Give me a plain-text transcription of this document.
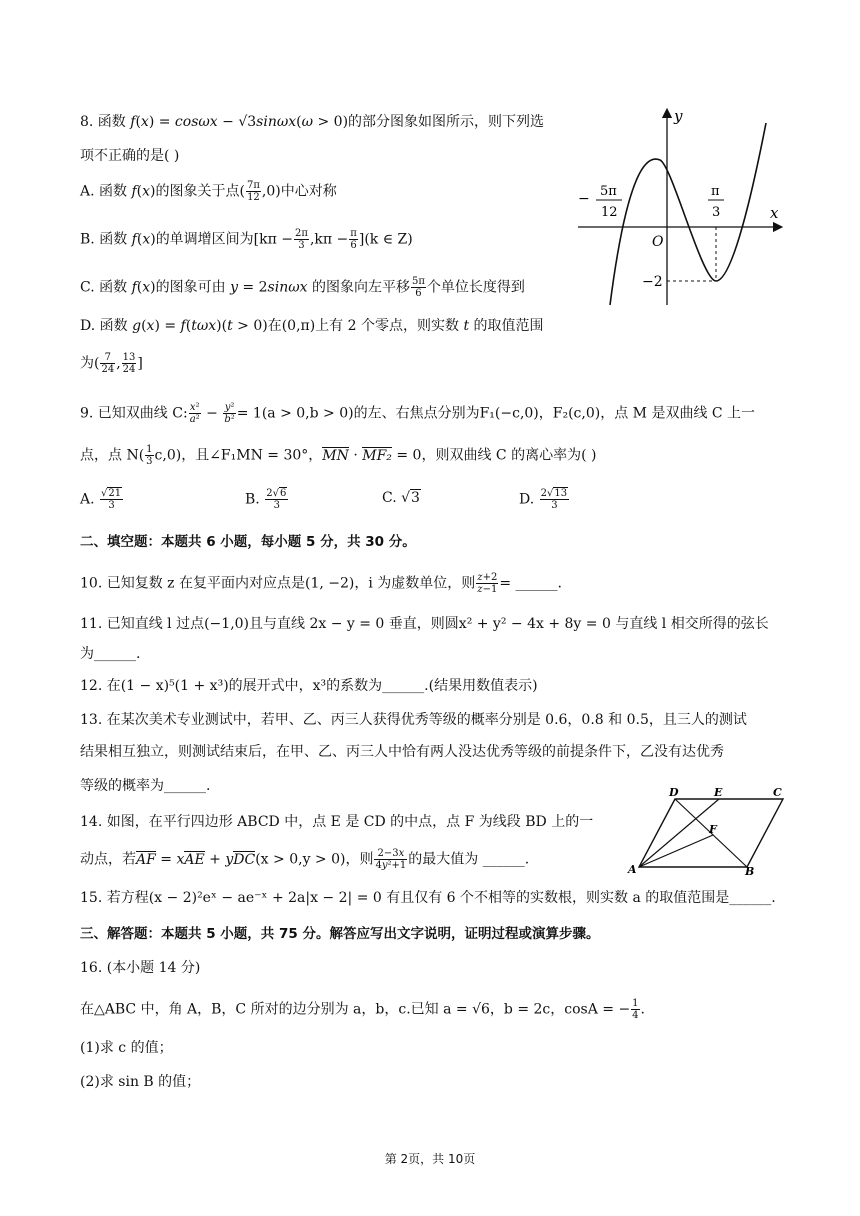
8. 函数 f(x) = cosωx − √3sinωx(ω > 0)的部分图象如图所示，则下列选
项不正确的是( )
A. 函数 f(x)的图象关于点( $\frac{7\pi}{12} ,0$)中心对称
B. 函数 f(x)的单调增区间为$[k\pi - \frac{2\pi}{3} ,k\pi - \frac{\pi}{6} ](k$ ∈ Z)
C. 函数 f(x)的图象可由 y = 2sinωx 的图象向左平移 $\frac{5\pi}{6}$ 个单位长度得到
D. 函数 g(x) = f(tωx)(t > 0)在(0,π)上有 2 个零点，则实数 t 的取值范围
为( $\frac{7}{24}$ , $\frac{13}{24}$ ]
y
x
O
− 5π
12
π
3
−2
9. 已知双曲线 C: $\frac{\text{x²}}{\text{a²}} - \frac{\text{y²}}{\text{b²}} = 1(a > 0,b > 0)$的左、右焦点分别为F₁(−c,0)，F₂(c,0)，点 M 是双曲线 C 上一
点，点 $N( \frac{1}{3} c,0)$，且∠F₁MN = 30°，MN · MF₂ = 0，则双曲线 C 的离心率为( )
A. $\frac{√21}{3}$	B. $\frac{2√6}{3}$	C. √3	D. $\frac{2√13}{3}$
二、填空题：本题共 6 小题，每小题 5 分，共 30 分。
10. 已知复数 z 在复平面内对应点是(1, −2)，i 为虚数单位，则 $\frac{z+2}{z-1}$ = ______.
11. 已知直线 l 过点(−1,0)且与直线 2x − y = 0 垂直，则圆x² + y² − 4x + 8y = 0 与直线 l 相交所得的弦长
为______.
12. 在(1 − x)⁵(1 + x³)的展开式中，x³的系数为______.(结果用数值表示)
13. 在某次美术专业测试中，若甲、乙、丙三人获得优秀等级的概率分别是 0.6，0.8 和 0.5，且三人的测试
结果相互独立，则测试结束后，在甲、乙、丙三人中恰有两人没达优秀等级的前提条件下，乙没有达优秀
等级的概率为______.
14. 如图，在平行四边形 ABCD 中，点 E 是 CD 的中点，点 F 为线段 BD 上的一
动点，若AF = xAE + yDC(x > 0,y > 0)，则 $\frac{2-3x}{\text{4y²+1}}$ 的最大值为 ______.
D	E	C
F
A	B
15. 若方程(x − 2)²eˣ − ae⁻ˣ + 2a|x − 2| = 0 有且仅有 6 个不相等的实数根，则实数 a 的取值范围是______.
三、解答题：本题共 5 小题，共 75 分。解答应写出文字说明，证明过程或演算步骤。
16. (本小题 14 分)
在△ABC 中，角 A，B，C 所对的边分别为 a，b，c.已知 a = √6，b = 2c，cosA = − $\frac{1}{4}$ .
(1)求 c 的值；
(2)求 sin B 的值；
第 2页，共 10页
